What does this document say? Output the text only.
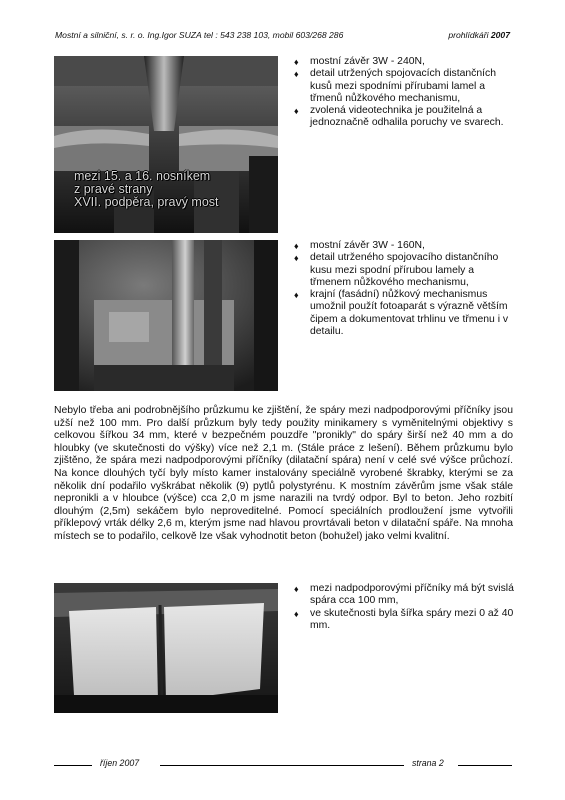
Mostní a silniční, s. r. o. Ing.Igor SUZA tel : 543 238 103, mobil 603/268 286	prohlídkáři 2007
mezi 15. a 16. nosníkem
z pravé strany
XVII. podpěra, pravý most
♦ mostní závěr 3W - 240N,
♦ detail utržených spojovacích distančních kusů mezi spodními přírubami lamel a třmenů nůžkového mechanismu,
♦ zvolená videotechnika je použitelná a jednoznačně odhalila poruchy ve svarech.
♦ mostní závěr 3W - 160N,
♦ detail utrženého spojovacího distančního kusu mezi spodní přírubou lamely a třmenem nůžkového mechanismu,
♦ krajní (fasádní) nůžkový mechanismus umožnil použít fotoaparát s výrazně větším čipem a dokumentovat trhlinu ve třmenu i v detailu.

Nebylo třeba ani podrobnějšího průzkumu ke zjištění, že spáry mezi nadpodporovými příčníky jsou užší než 100 mm. Pro další průzkum byly tedy použity minikamery s vyměnitelnými objektivy s celkovou šířkou 34 mm, které v bezpečném pouzdře "pronikly" do spáry širší než 40 mm a do hloubky (ve skutečnosti do výšky) více než 2,1 m. (Stále práce z lešení). Během průzkumu bylo zjištěno, že spára mezi nadpodporovými příčníky (dilatační spára) není v celé své výšce průchozí. Na konce dlouhých tyčí byly místo kamer instalovány speciálně vyrobené škrabky, kterými se za několik dní podařilo vyškrábat několik (9) pytlů polystyrénu. K mostním závěrům jsme však stále nepronikli a v hloubce (výšce) cca 2,0 m jsme narazili na tvrdý odpor. Byl to beton. Jeho rozbití dlouhým (2,5m) sekáčem bylo neproveditelné. Pomocí speciálních prodloužení jsme vytvořili příklepový vrták délky 2,6 m, kterým jsme nad hlavou provrtávali beton v dilatační spáře. Na mnoha místech se to podařilo, celkově lze však vyhodnotit beton (bohužel) jako velmi kvalitní.

♦ mezi nadpodporovými příčníky má být svislá spára cca 100 mm,
♦ ve skutečnosti byla šířka spáry mezi 0 až 40 mm.
říjen 2007	strana 2
